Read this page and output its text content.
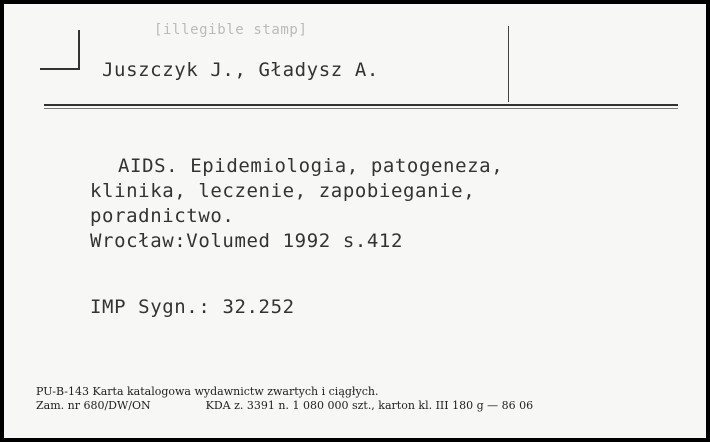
[illegible stamp]
Juszczyk J., Gładysz A.
AIDS. Epidemiologia, patogeneza,
klinika, leczenie, zapobieganie,
poradnictwo.
Wrocław:Volumed 1992 s.412
IMP Sygn.: 32.252
PU-B-143 Karta katalogowa wydawnictw zwartych i ciągłych.
Zam. nr 680/DW/ON	KDA z. 3391 n. 1 080 000 szt., karton kl. III 180 g — 86 06
